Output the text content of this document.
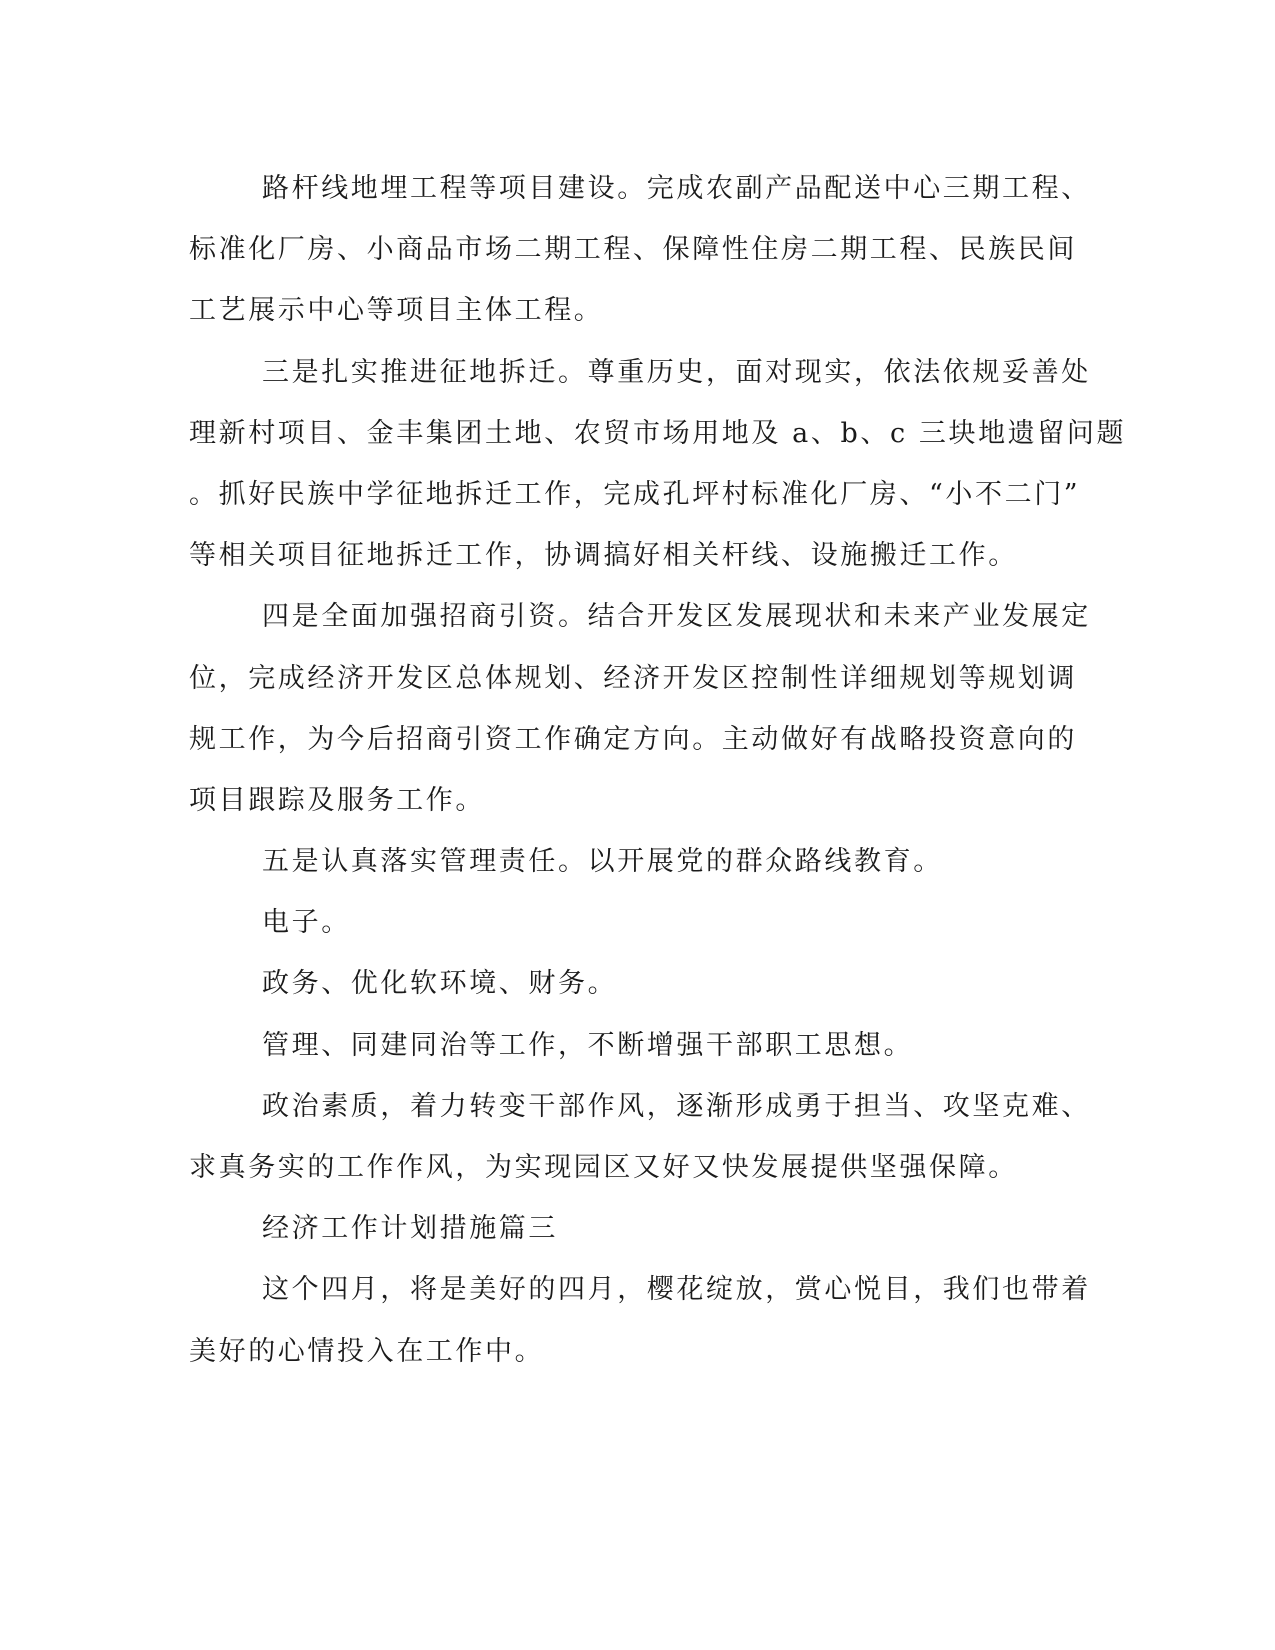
路杆线地埋工程等项目建设。完成农副产品配送中心三期工程、
标准化厂房、小商品市场二期工程、保障性住房二期工程、民族民间
工艺展示中心等项目主体工程。
三是扎实推进征地拆迁。尊重历史，面对现实，依法依规妥善处
理新村项目、金丰集团土地、农贸市场用地及 a、b、c 三块地遗留问题
。抓好民族中学征地拆迁工作，完成孔坪村标准化厂房、“小不二门”
等相关项目征地拆迁工作，协调搞好相关杆线、设施搬迁工作。
四是全面加强招商引资。结合开发区发展现状和未来产业发展定
位，完成经济开发区总体规划、经济开发区控制性详细规划等规划调
规工作，为今后招商引资工作确定方向。主动做好有战略投资意向的
项目跟踪及服务工作。
五是认真落实管理责任。以开展党的群众路线教育。
电子。
政务、优化软环境、财务。
管理、同建同治等工作，不断增强干部职工思想。
政治素质，着力转变干部作风，逐渐形成勇于担当、攻坚克难、
求真务实的工作作风，为实现园区又好又快发展提供坚强保障。
经济工作计划措施篇三
这个四月，将是美好的四月，樱花绽放，赏心悦目，我们也带着
美好的心情投入在工作中。
